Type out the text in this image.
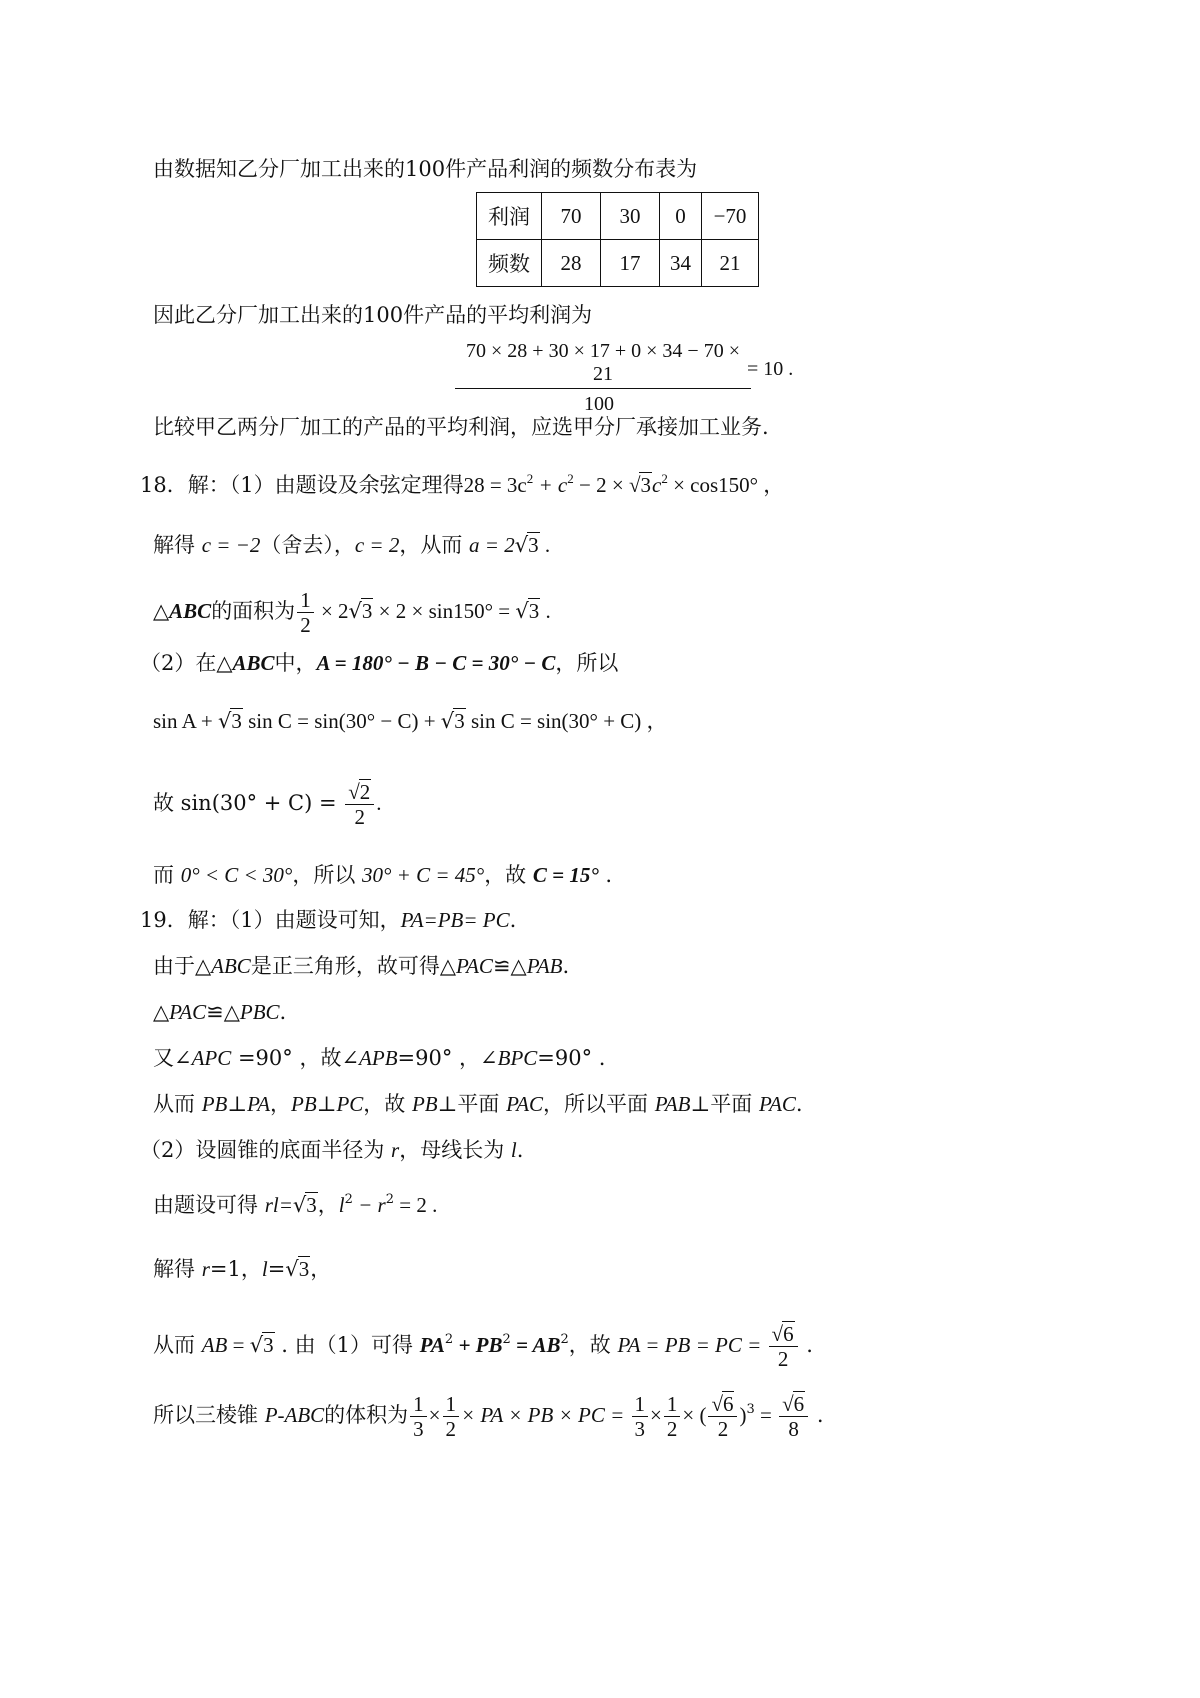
由数据知乙分厂加工出来的100件产品利润的频数分布表为
利润	70	30	0	−70
频数	28	17	34	21
因此乙分厂加工出来的100件产品的平均利润为
70 × 28 + 30 × 17 + 0 × 34 − 70 × 21
100
= 10 .
比较甲乙两分厂加工的产品的平均利润，应选甲分厂承接加工业务.
18．解：（1）由题设及余弦定理得$28 = 3c^2 + c^2 - 2 \times √3c^2 \times \cos 150^\circ$ ，
解得 c = −2（舍去），c = 2，从而 a = 2√3 .
△ABC的面积为 $\frac{1}{2} \times 2√3 \times 2 \times \sin 150^\circ = √3$ .
（2）在△ABC中，A = 180° − B − C = 30° − C，所以
sin A + √3 sin C = sin(30° − C) + √3 sin C = sin(30° + C) ，
故 $\sin(30^\circ + C) = \frac{√2}{2}$ .
而 0° < C < 30°，所以 30° + C = 45°，故 C = 15° .
19．解：（1）由题设可知，PA=PB= PC.
由于△ABC是正三角形，故可得△PAC≌△PAB.
△PAC≌△PBC.
又∠APC =90° ，故∠APB=90° ，∠BPC=90° .
从而 PB⊥PA，PB⊥PC，故 PB⊥平面 PAC，所以平面 PAB⊥平面 PAC.
（2）设圆锥的底面半径为 r，母线长为 l.
由题设可得 rl=√3，$l^2 - r^2 = 2$ .
解得 r=1，l=√3，
从而 AB = √3 . 由（1）可得 $PA^2 + PB^2 = AB^2$，故 PA = PB = PC = $\frac{√6}{2}$ .
所以三棱锥 P-ABC的体积为 $\frac{1}{3} \times \frac{1}{2}$ × PA × PB × PC = $\frac{1}{3} \times \frac{1}{2}$ × ( $\frac{√6}{2} )^3 = \frac{√6}{8}$ .
